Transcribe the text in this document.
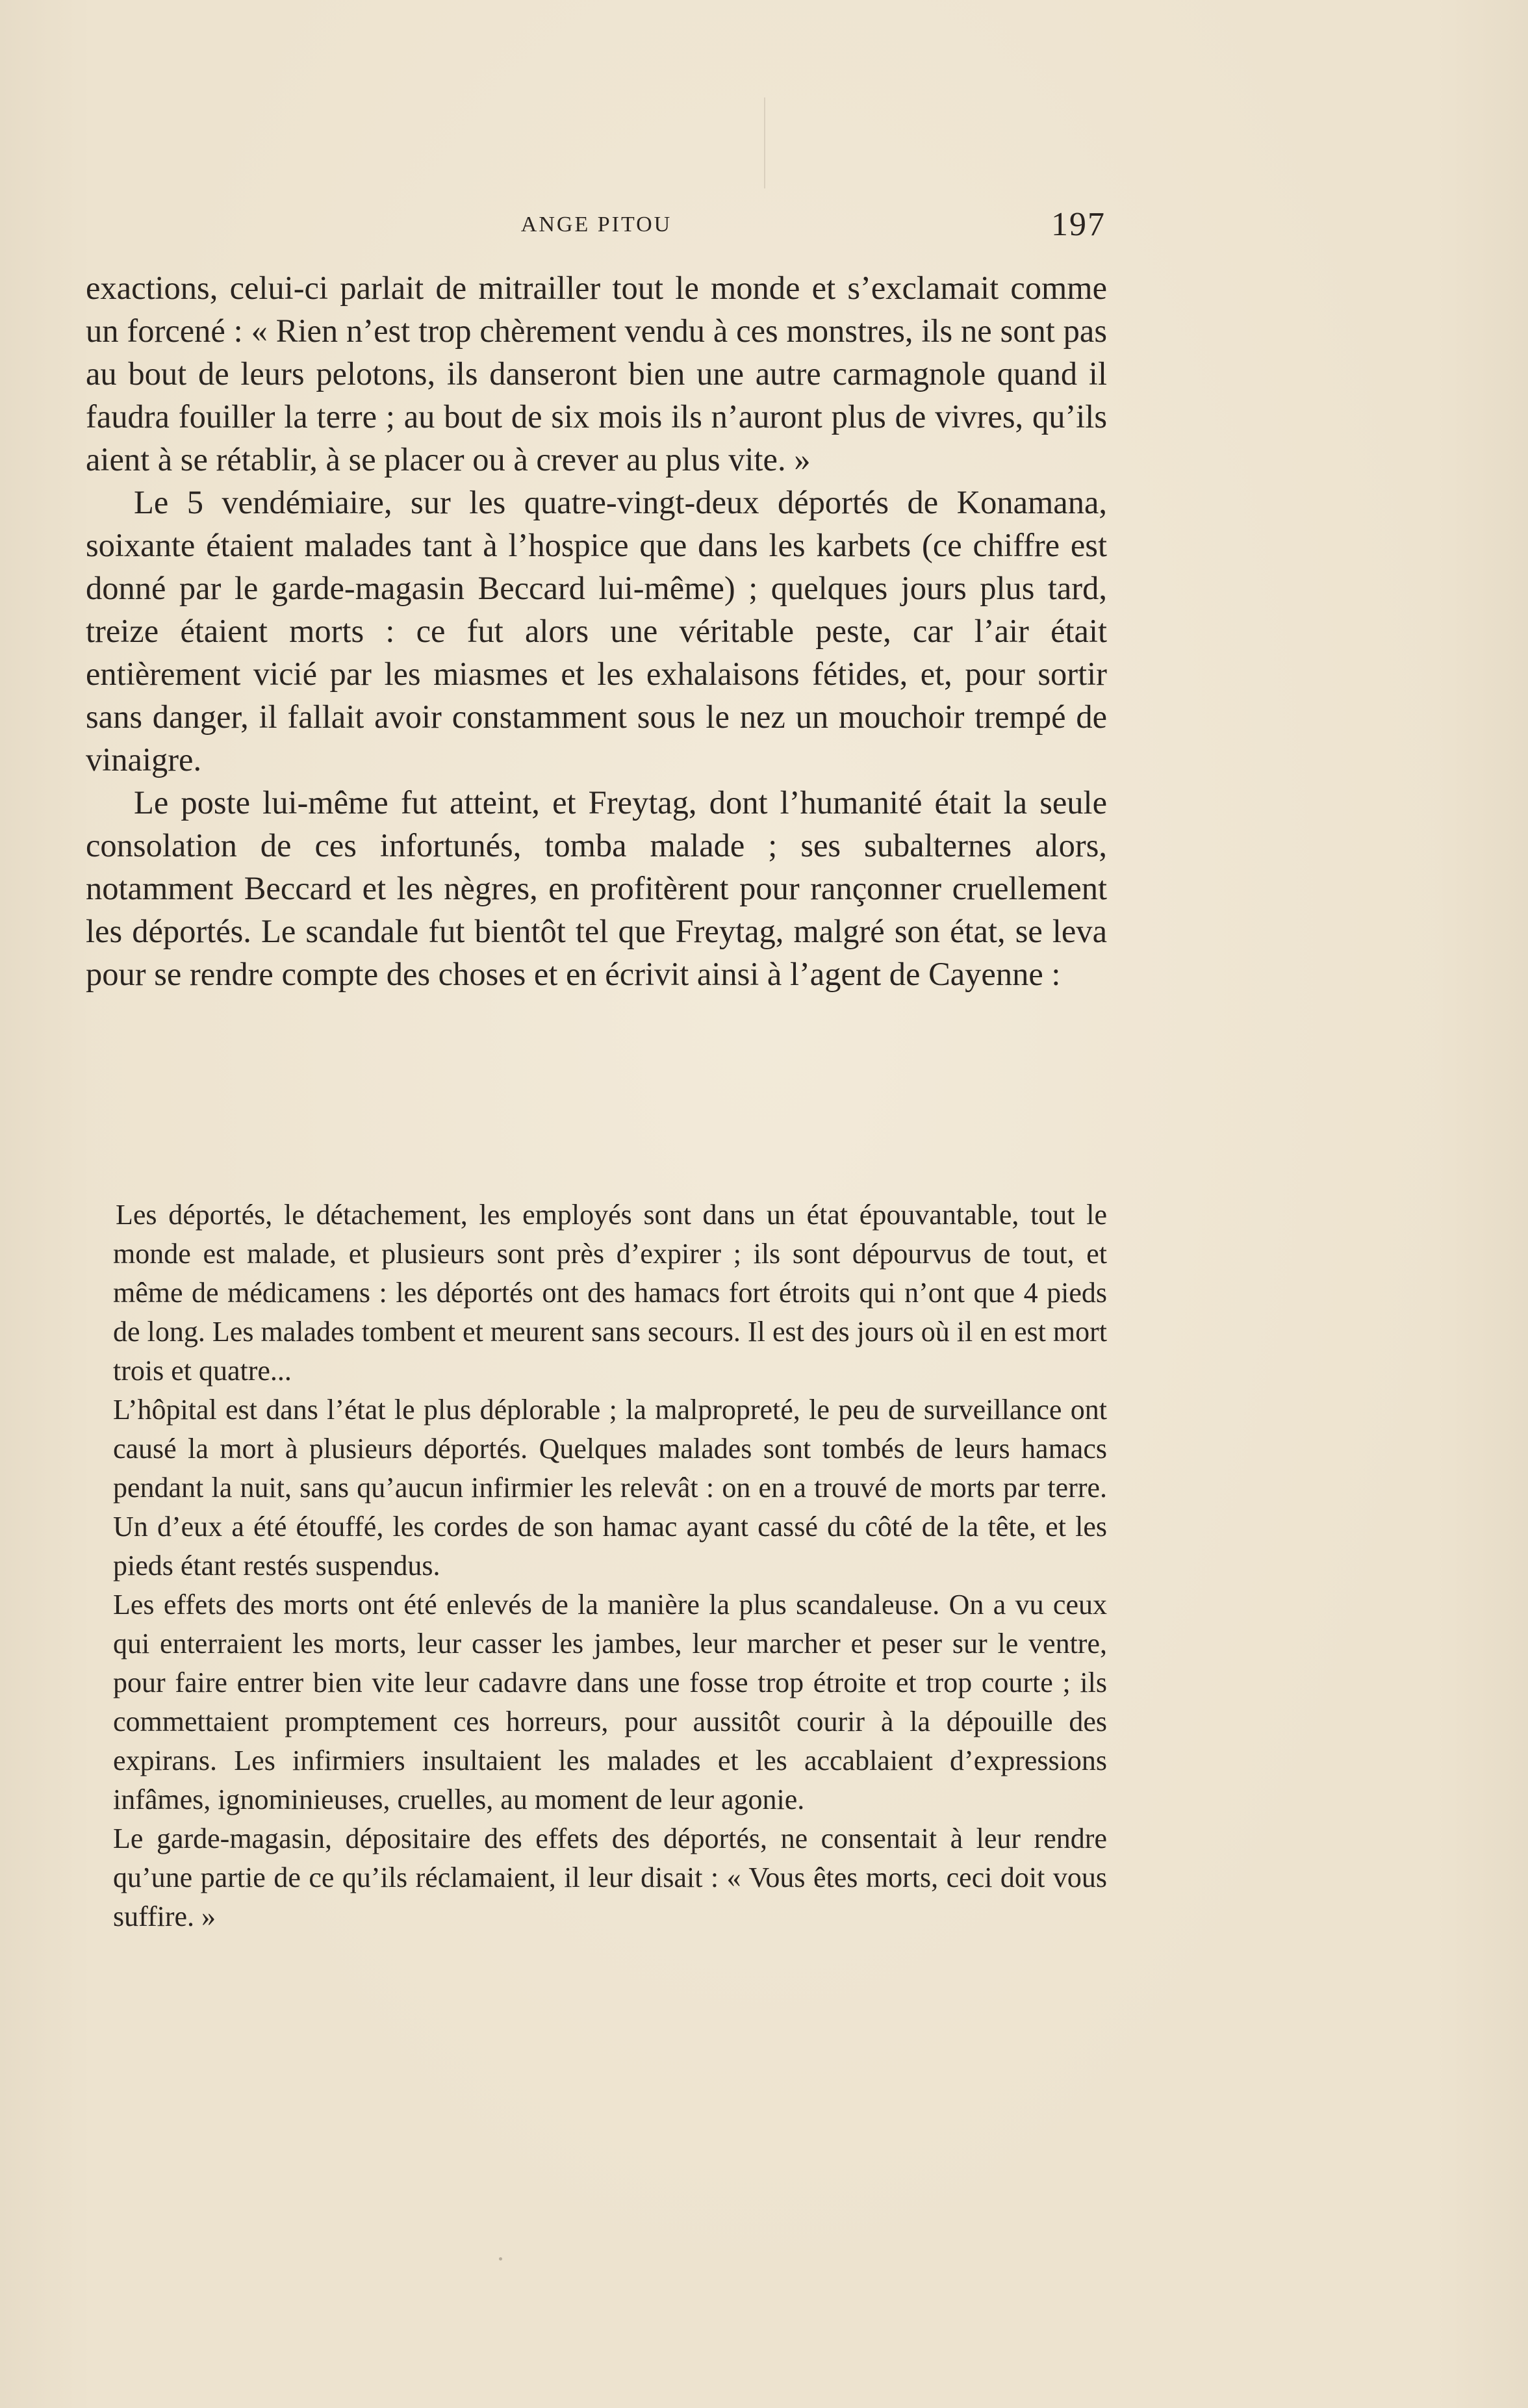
ANGE PITOU	197

exactions, celui-ci parlait de mitrailler tout le monde et s’exclamait comme un forcené : « Rien n’est trop chèrement vendu à ces monstres, ils ne sont pas au bout de leurs pelotons, ils danseront bien une autre carmagnole quand il faudra fouiller la terre ; au bout de six mois ils n’auront plus de vivres, qu’ils aient à se rétablir, à se placer ou à crever au plus vite. »

Le 5 vendémiaire, sur les quatre-vingt-deux déportés de Konamana, soixante étaient malades tant à l’hospice que dans les karbets (ce chiffre est donné par le garde-magasin Beccard lui-même) ; quelques jours plus tard, treize étaient morts : ce fut alors une véritable peste, car l’air était entièrement vicié par les miasmes et les exhalaisons fétides, et, pour sortir sans danger, il fallait avoir constamment sous le nez un mouchoir trempé de vinaigre.

Le poste lui-même fut atteint, et Freytag, dont l’humanité était la seule consolation de ces infortunés, tomba malade ; ses subalternes alors, notamment Beccard et les nègres, en profitèrent pour rançonner cruellement les déportés. Le scandale fut bientôt tel que Freytag, malgré son état, se leva pour se rendre compte des choses et en écrivit ainsi à l’agent de Cayenne :

Les déportés, le détachement, les employés sont dans un état épouvantable, tout le monde est malade, et plusieurs sont près d’expirer ; ils sont dépourvus de tout, et même de médicamens : les déportés ont des hamacs fort étroits qui n’ont que 4 pieds de long. Les malades tombent et meurent sans secours. Il est des jours où il en est mort trois et quatre...

L’hôpital est dans l’état le plus déplorable ; la malpropreté, le peu de surveillance ont causé la mort à plusieurs déportés. Quelques malades sont tombés de leurs hamacs pendant la nuit, sans qu’aucun infirmier les relevât : on en a trouvé de morts par terre. Un d’eux a été étouffé, les cordes de son hamac ayant cassé du côté de la tête, et les pieds étant restés suspendus.

Les effets des morts ont été enlevés de la manière la plus scandaleuse. On a vu ceux qui enterraient les morts, leur casser les jambes, leur marcher et peser sur le ventre, pour faire entrer bien vite leur cadavre dans une fosse trop étroite et trop courte ; ils commettaient promptement ces horreurs, pour aussitôt courir à la dépouille des expirans. Les infirmiers insultaient les malades et les accablaient d’expressions infâmes, ignominieuses, cruelles, au moment de leur agonie.

Le garde-magasin, dépositaire des effets des déportés, ne consentait à leur rendre qu’une partie de ce qu’ils réclamaient, il leur disait : « Vous êtes morts, ceci doit vous suffire. »
